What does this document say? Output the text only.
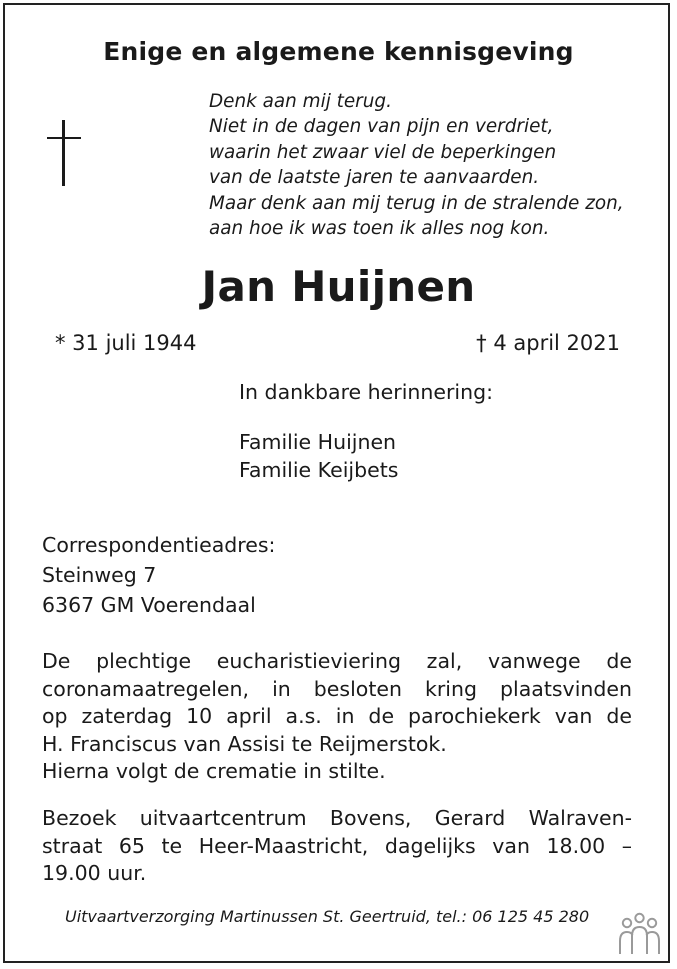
Enige en algemene kennisgeving
Denk aan mij terug.
Niet in de dagen van pijn en verdriet,
waarin het zwaar viel de beperkingen
van de laatste jaren te aanvaarden.
Maar denk aan mij terug in de stralende zon,
aan hoe ik was toen ik alles nog kon.
Jan Huijnen
* 31 juli 1944	† 4 april 2021
In dankbare herinnering:
Familie Huijnen
Familie Keijbets
Correspondentieadres:
Steinweg 7
6367 GM Voerendaal
De plechtige eucharistieviering zal, vanwege de
coronamaatregelen, in besloten kring plaatsvinden
op zaterdag 10 april a.s. in de parochiekerk van de
H. Franciscus van Assisi te Reijmerstok.
Hierna volgt de crematie in stilte.
Bezoek uitvaartcentrum Bovens, Gerard Walraven-
straat 65 te Heer-Maastricht, dagelijks van 18.00 –
19.00 uur.
Uitvaartverzorging Martinussen St. Geertruid, tel.: 06 125 45 280
